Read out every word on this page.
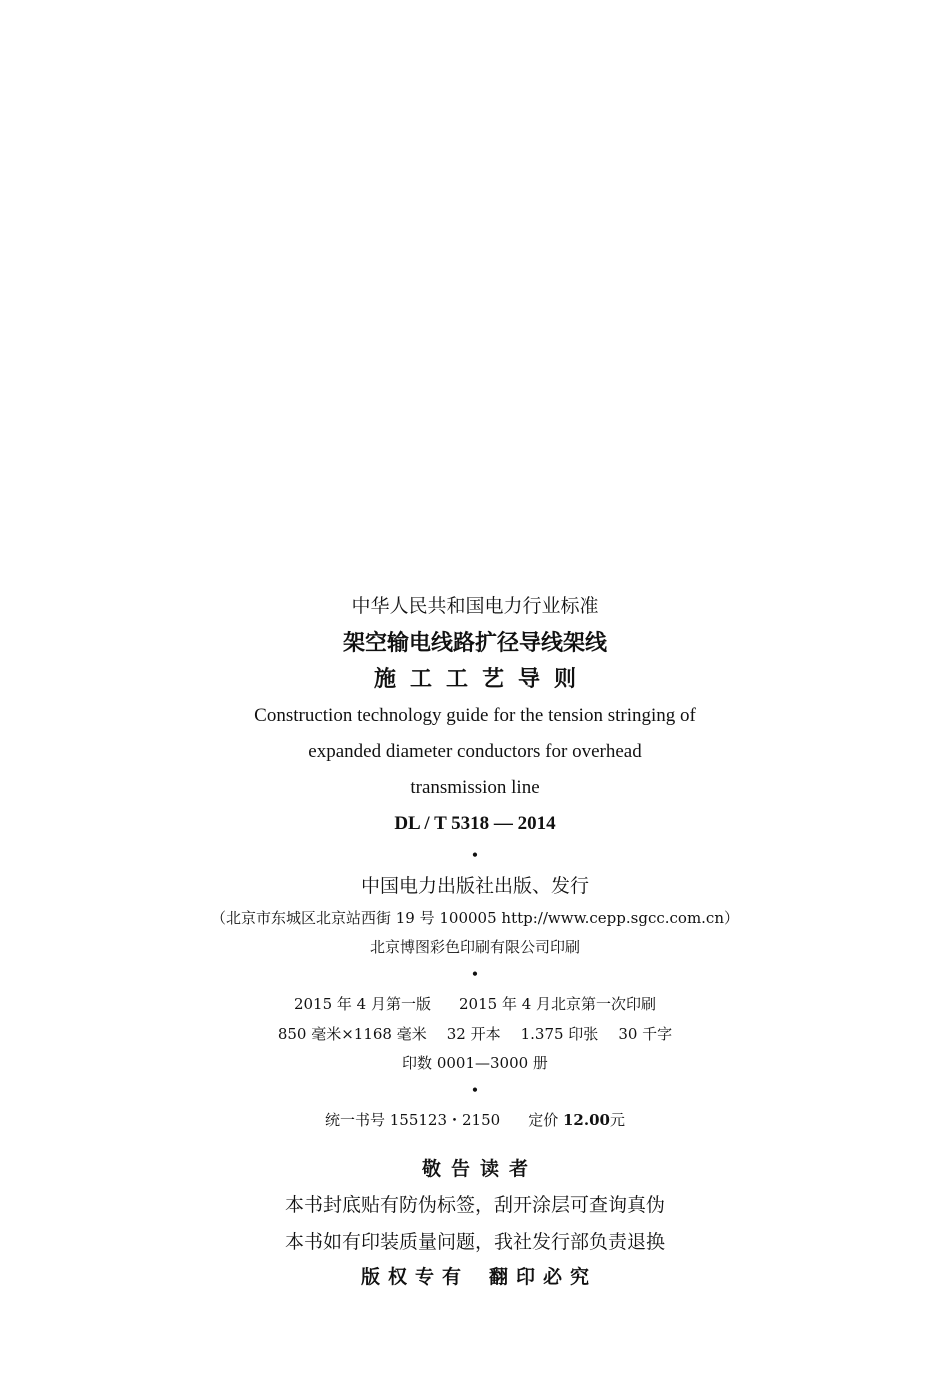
中华人民共和国电力行业标准
架空输电线路扩径导线架线
施工工艺导则
Construction technology guide for the tension stringing of
expanded diameter conductors for overhead
transmission line
DL / T 5318 — 2014
•
中国电力出版社出版、发行
（北京市东城区北京站西街 19 号 100005 http://www.cepp.sgcc.com.cn）
北京博图彩色印刷有限公司印刷
•
2015 年 4 月第一版 2015 年 4 月北京第一次印刷
850 毫米×1168 毫米 32 开本 1.375 印张 30 千字
印数 0001—3000 册
•
统一书号 155123・2150 定价 12.00元
敬告读者
本书封底贴有防伪标签，刮开涂层可查询真伪
本书如有印装质量问题，我社发行部负责退换
版权专有 翻印必究
